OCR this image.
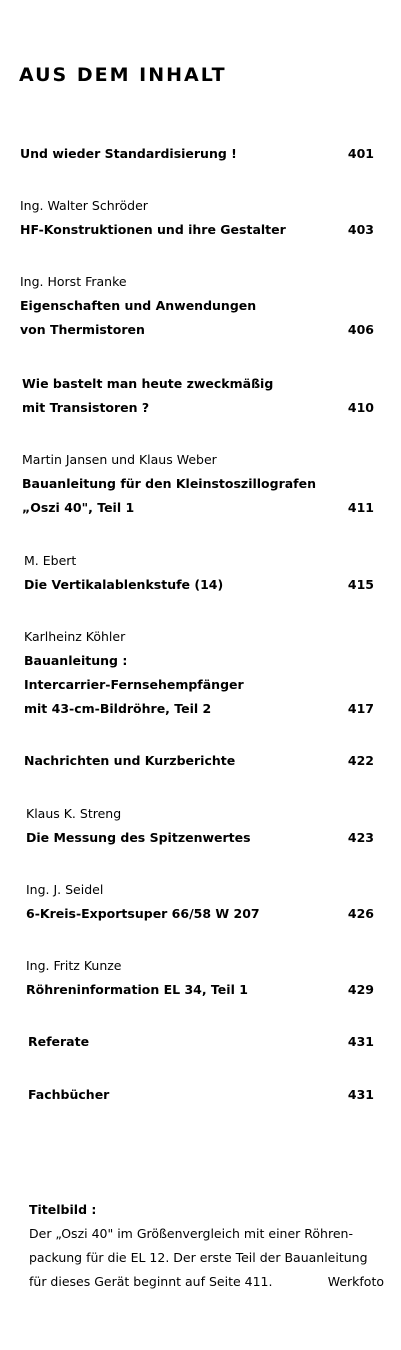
AUS DEM INHALT
Und wieder Standardisierung !	401
Ing. Walter Schröder
HF-Konstruktionen und ihre Gestalter	403
Ing. Horst Franke
Eigenschaften und Anwendungen
von Thermistoren	406
Wie bastelt man heute zweckmäßig
mit Transistoren ?	410
Martin Jansen und Klaus Weber
Bauanleitung für den Kleinstoszillografen
„Oszi 40", Teil 1	411
M. Ebert
Die Vertikalablenkstufe (14)	415
Karlheinz Köhler
Bauanleitung :
Intercarrier-Fernsehempfänger
mit 43-cm-Bildröhre, Teil 2	417
Nachrichten und Kurzberichte	422
Klaus K. Streng
Die Messung des Spitzenwertes	423
Ing. J. Seidel
6-Kreis-Exportsuper 66/58 W 207	426
Ing. Fritz Kunze
Röhreninformation EL 34, Teil 1	429
Referate	431
Fachbücher	431
Titelbild :
Der „Oszi 40" im Größenvergleich mit einer Röhren-
packung für die EL 12. Der erste Teil der Bauanleitung
für dieses Gerät beginnt auf Seite 411.	Werkfoto
